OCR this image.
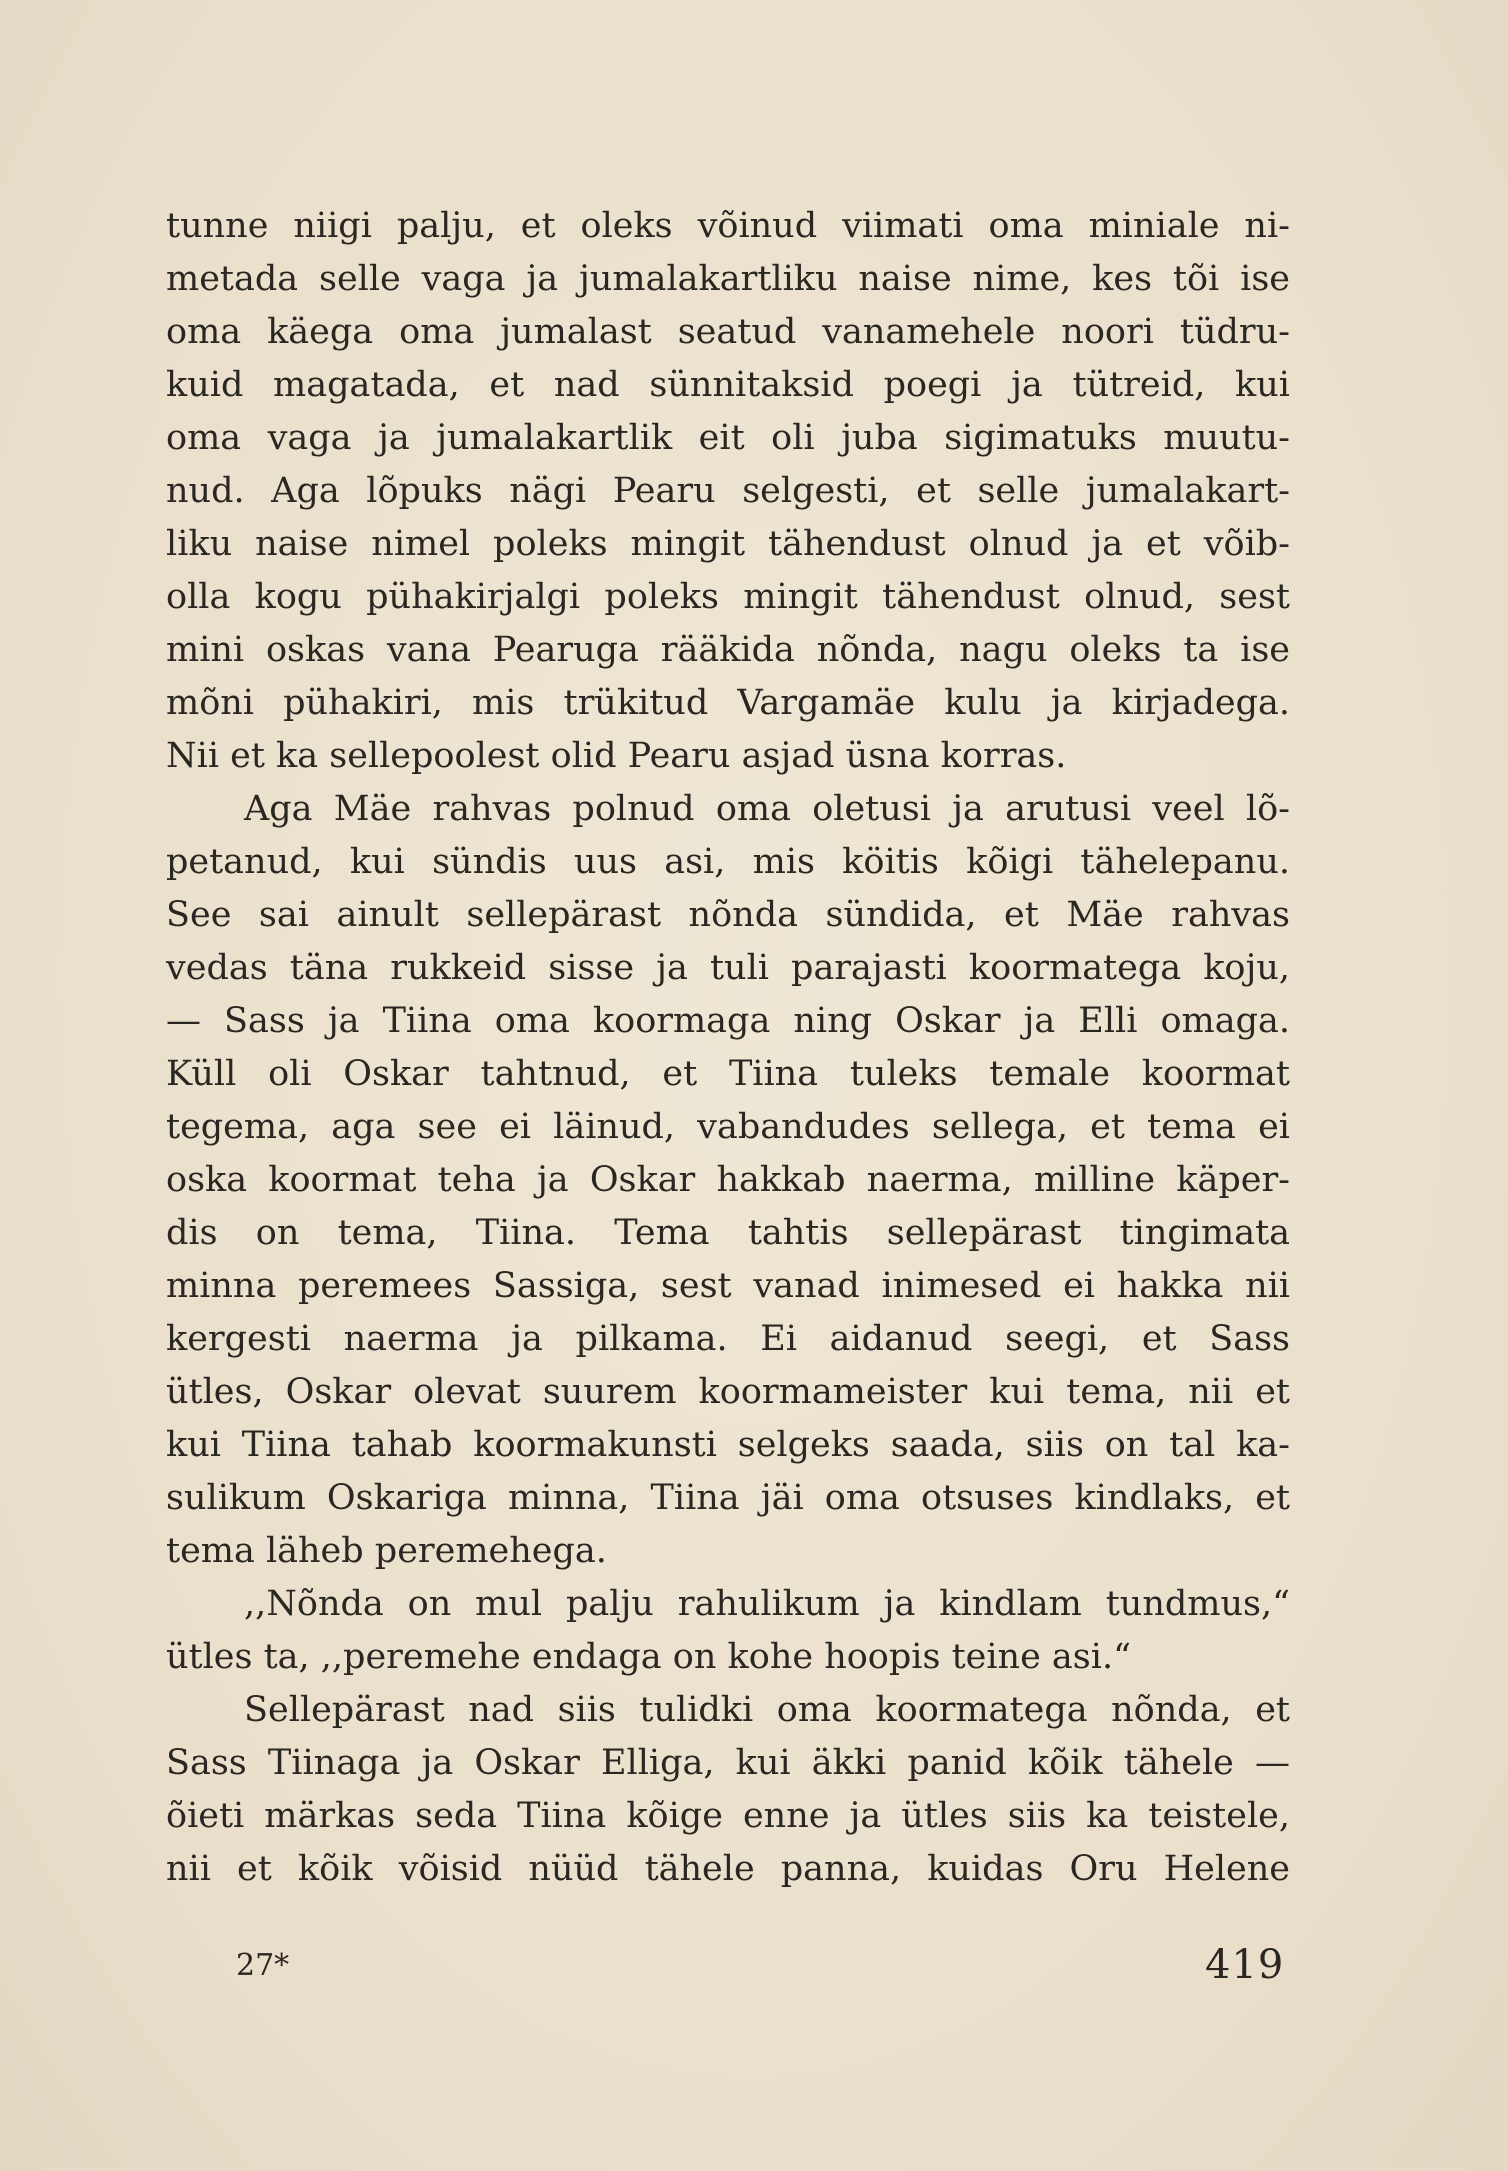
tunne niigi palju, et oleks võinud viimati oma miniale ni-
metada selle vaga ja jumalakartliku naise nime, kes tõi ise
oma käega oma jumalast seatud vanamehele noori tüdru-
kuid magatada, et nad sünnitaksid poegi ja tütreid, kui
oma vaga ja jumalakartlik eit oli juba sigimatuks muutu-
nud. Aga lõpuks nägi Pearu selgesti, et selle jumalakart-
liku naise nimel poleks mingit tähendust olnud ja et võib-
olla kogu pühakirjalgi poleks mingit tähendust olnud, sest
mini oskas vana Pearuga rääkida nõnda, nagu oleks ta ise
mõni pühakiri, mis trükitud Vargamäe kulu ja kirjadega.
Nii et ka sellepoolest olid Pearu asjad üsna korras.
Aga Mäe rahvas polnud oma oletusi ja arutusi veel lõ-
petanud, kui sündis uus asi, mis köitis kõigi tähelepanu.
See sai ainult sellepärast nõnda sündida, et Mäe rahvas
vedas täna rukkeid sisse ja tuli parajasti koormatega koju,
— Sass ja Tiina oma koormaga ning Oskar ja Elli omaga.
Küll oli Oskar tahtnud, et Tiina tuleks temale koormat
tegema, aga see ei läinud, vabandudes sellega, et tema ei
oska koormat teha ja Oskar hakkab naerma, milline käper-
dis on tema, Tiina. Tema tahtis sellepärast tingimata
minna peremees Sassiga, sest vanad inimesed ei hakka nii
kergesti naerma ja pilkama. Ei aidanud seegi, et Sass
ütles, Oskar olevat suurem koormameister kui tema, nii et
kui Tiina tahab koormakunsti selgeks saada, siis on tal ka-
sulikum Oskariga minna, Tiina jäi oma otsuses kindlaks, et
tema läheb peremehega.
,,Nõnda on mul palju rahulikum ja kindlam tundmus,“
ütles ta, ,,peremehe endaga on kohe hoopis teine asi.“
Sellepärast nad siis tulidki oma koormatega nõnda, et
Sass Tiinaga ja Oskar Elliga, kui äkki panid kõik tähele —
õieti märkas seda Tiina kõige enne ja ütles siis ka teistele,
nii et kõik võisid nüüd tähele panna, kuidas Oru Helene
27*	419
